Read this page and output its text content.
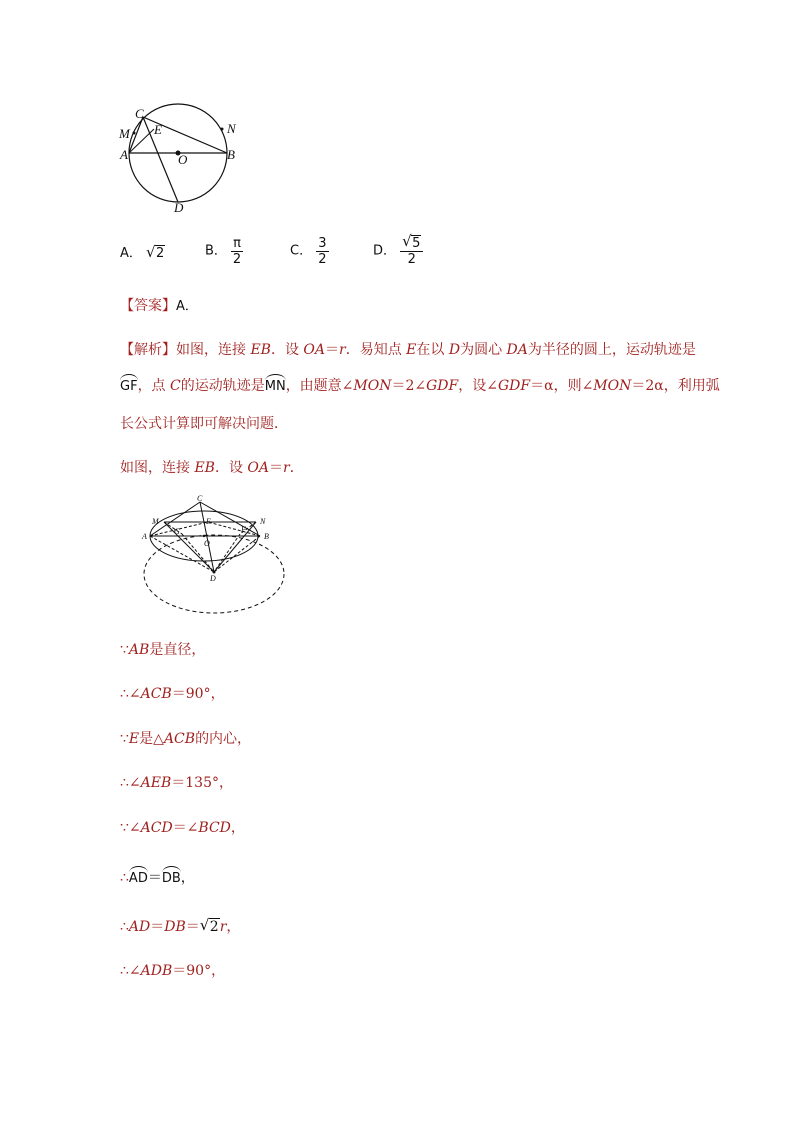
C
M
A
E
O
N
B
D
A． √ 2	B． $\frac{\pi}{2}$	C． $\frac{3}{2}$	D． √ $\frac{5}{2}$
【答案】A．
【解析】如图，连接 EB．设 OA＝r．易知点 E在以 D为圆心 DA为半径的圆上，运动轨迹是
GF，点 C的运动轨迹是MN，由题意∠MON＝2∠GDF，设∠GDF＝α，则∠MON＝2α，利用弧
长公式计算即可解决问题．
如图，连接 EB．设 OA＝r．
C
M	N
E
A	B
O
G	F
D
∵AB是直径，
∴∠ACB＝90°，
∵E是△ACB的内心，
∴∠AEB＝135°，
∵∠ACD＝∠BCD，
∴AD＝DB，
∴AD＝DB＝ √ 2r，
∴∠ADB＝90°，
